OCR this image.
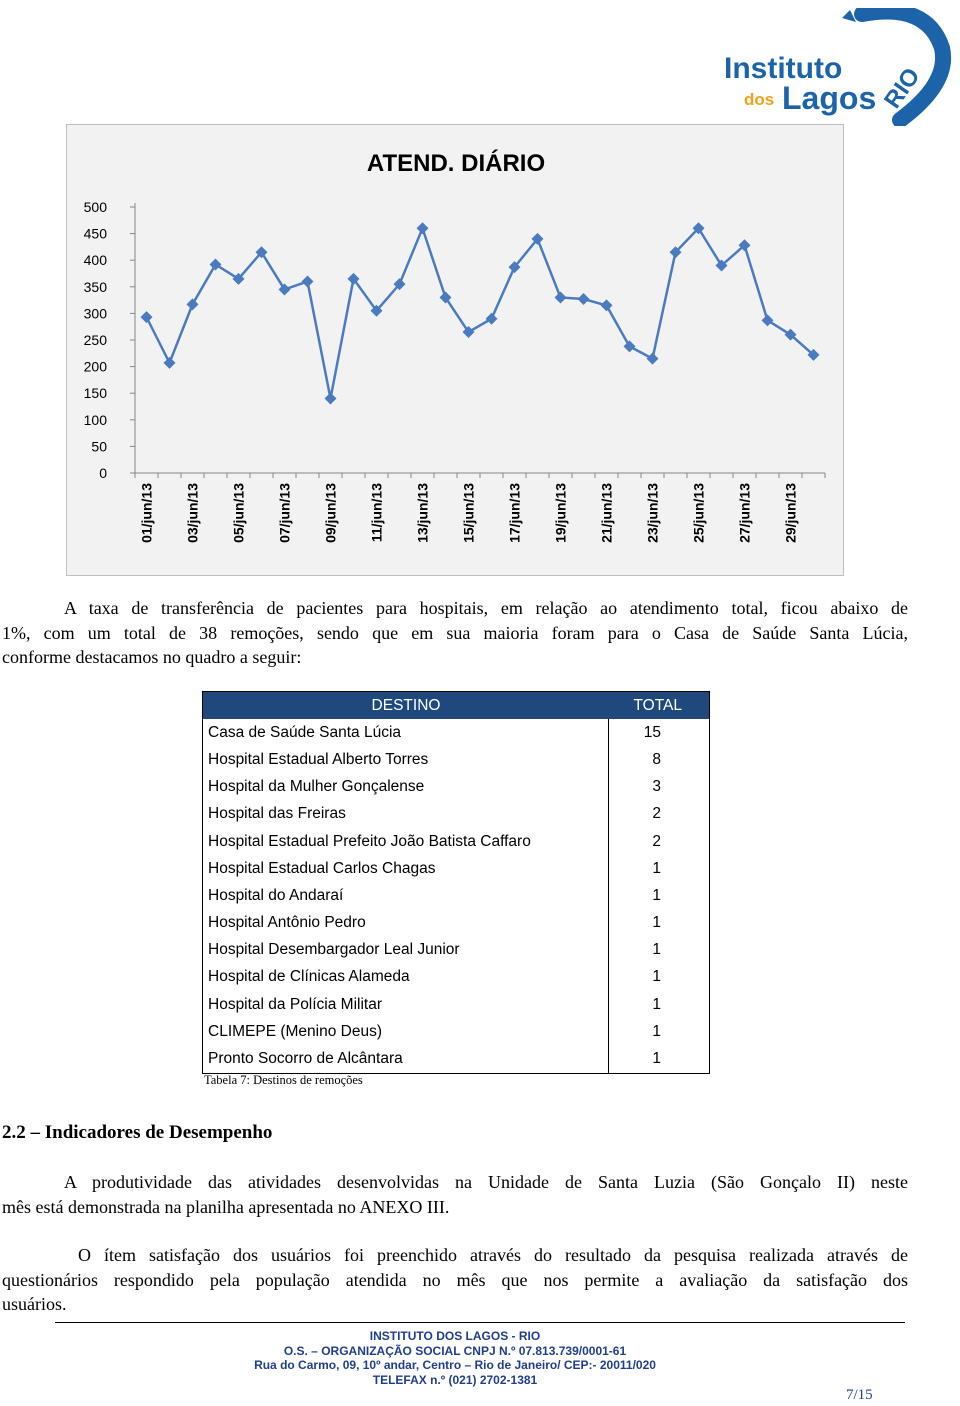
Instituto
dos Lagos RIO
ATEND. DIÁRIO
0
50
100
150
200
250
300
350
400
450
500
01/jun/13 03/jun/13 05/jun/13 07/jun/13 09/jun/13 11/jun/13 13/jun/13 15/jun/13 17/jun/13 19/jun/13 21/jun/13 23/jun/13 25/jun/13 27/jun/13 29/jun/13
A taxa de transferência de pacientes para hospitais, em relação ao atendimento total, ficou abaixo de
1%, com um total de 38 remoções, sendo que em sua maioria foram para o Casa de Saúde Santa Lúcia,
conforme destacamos no quadro a seguir:
DESTINO	TOTAL
Casa de Saúde Santa Lúcia	15
Hospital Estadual Alberto Torres	8
Hospital da Mulher Gonçalense	3
Hospital das Freiras	2
Hospital Estadual Prefeito João Batista Caffaro	2
Hospital Estadual Carlos Chagas	1
Hospital do Andaraí	1
Hospital Antônio Pedro	1
Hospital Desembargador Leal Junior	1
Hospital de Clínicas Alameda	1
Hospital da Polícia Militar	1
CLIMEPE (Menino Deus)	1
Pronto Socorro de Alcântara	1
Tabela 7: Destinos de remoções
2.2 – Indicadores de Desempenho
A produtividade das atividades desenvolvidas na Unidade de Santa Luzia (São Gonçalo II) neste
mês está demonstrada na planilha apresentada no ANEXO III.
O ítem satisfação dos usuários foi preenchido através do resultado da pesquisa realizada através de
questionários respondido pela população atendida no mês que nos permite a avaliação da satisfação dos
usuários.
INSTITUTO DOS LAGOS - RIO
O.S. – ORGANIZAÇÃO SOCIAL CNPJ N.º 07.813.739/0001-61
Rua do Carmo, 09, 10º andar, Centro – Rio de Janeiro/ CEP:- 20011/020
TELEFAX n.º (021) 2702-1381
7/15
